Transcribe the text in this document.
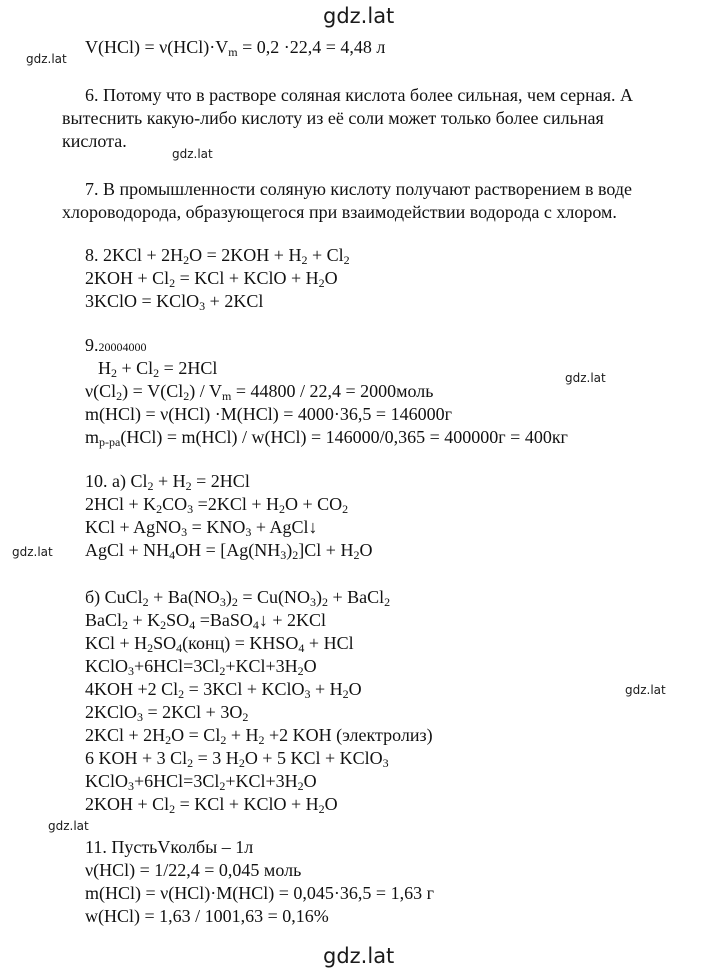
gdz.lat
gdz.lat
gdz.lat
gdz.lat
gdz.lat
gdz.lat
gdz.lat
gdz.lat
$V(HCl) = \nu(HCl)\cdot V_m = 0,2 \cdot 22,4 = 4,48$ л
6. Потому что в растворе соляная кислота более сильная, чем серная. А
вытеснить какую-либо кислоту из её соли может только более сильная
кислота.
7. В промышленности соляную кислоту получают растворением в воде
хлороводорода, образующегося при взаимодействии водорода с хлором.
8. $2KCl + 2H_2O = 2KOH + H_2 + Cl_2$
$2KOH + Cl_2$ = KCl + KClO + $H_2O$
3KClO = KClO$_3$ + 2KCl
9.20004000
$H_2 + Cl_2 = 2HCl$
$\nu(Cl_2) = V(Cl_2) / V_m = 44800 / 22,4$ = 2000моль
m(HCl) = ν(HCl) ·M(HCl) = 4000·36,5 = 146000г
$m_{р-ра}(HCl) = m(HCl) / w(HCl) = 146000/0,365 = 400000г = 400кг$
10. а) $Cl_2 + H_2 = 2HCl$
$2HCl + K_2CO_3 =2KCl + H_2O + CO_2$
KCl + AgNO$_3$ = $KNO_3$ + AgCl↓
AgCl + $NH_4OH = [Ag(NH_3)_2]Cl + H_2O$
б) CuCl$_2$ + $Ba(NO_3)_2 = Cu(NO_3)_2$ + BaCl$_2$
BaCl$_2$ + $K_2SO_4$ =BaSO$_4$↓ + 2KCl
KCl + $H_2SO_4(конц)$ = $KHSO_4$ + HCl
$KClO_3+6HCl=3Cl_2+KCl+3H_2O$
4KOH +2 $Cl_2 = 3KCl$ + KClO$_3$ + $H_2O$
2KClO$_3$ = $2KCl + 3O_2$
$2KCl + 2H_2O = Cl_2 + H_2 +2$ KOH (электролиз)
6 KOH + 3 $Cl_2 = 3$ $H_2O + 5$ KCl + KClO$_3$
$KClO_3+6HCl=3Cl_2+KCl+3H_2O$
$2KOH + Cl_2$ = KCl + KClO + $H_2O$
11. ПустьVколбы – 1л
ν(HCl) = 1/22,4 = 0,045 моль
m(HCl) = ν(HCl)·M(HCl) = 0,045·36,5 = 1,63 г
w(HCl) = 1,63 / 1001,63 = 0,16%
